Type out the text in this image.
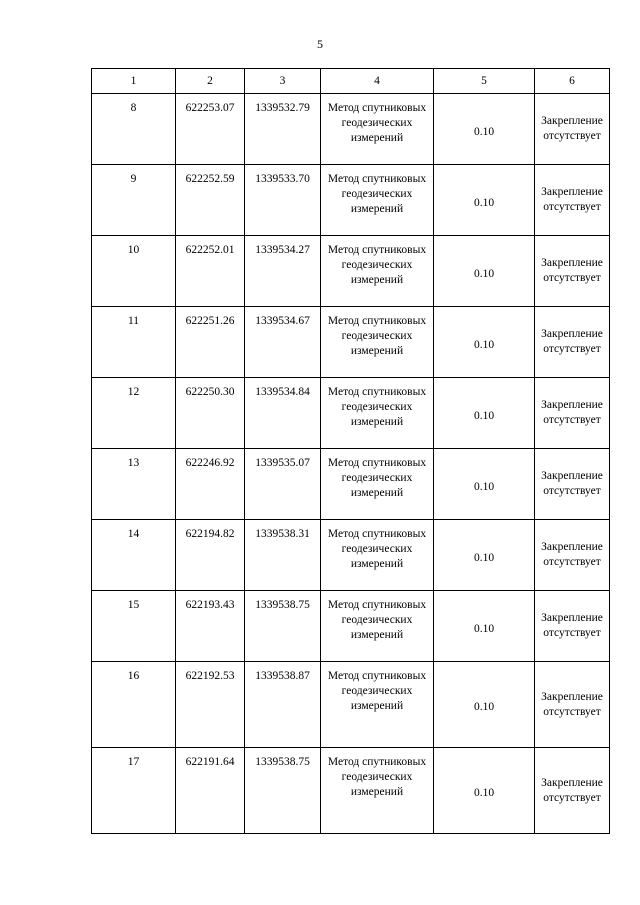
5
1	2	3	4	5	6
8	622253.07	1339532.79	Метод спутниковых геодезических измерений	0.10	Закрепление отсутствует
9	622252.59	1339533.70	Метод спутниковых геодезических измерений	0.10	Закрепление отсутствует
10	622252.01	1339534.27	Метод спутниковых геодезических измерений	0.10	Закрепление отсутствует
11	622251.26	1339534.67	Метод спутниковых геодезических измерений	0.10	Закрепление отсутствует
12	622250.30	1339534.84	Метод спутниковых геодезических измерений	0.10	Закрепление отсутствует
13	622246.92	1339535.07	Метод спутниковых геодезических измерений	0.10	Закрепление отсутствует
14	622194.82	1339538.31	Метод спутниковых геодезических измерений	0.10	Закрепление отсутствует
15	622193.43	1339538.75	Метод спутниковых геодезических измерений	0.10	Закрепление отсутствует
16	622192.53	1339538.87	Метод спутниковых геодезических измерений	0.10	Закрепление отсутствует
17	622191.64	1339538.75	Метод спутниковых геодезических измерений	0.10	Закрепление отсутствует
